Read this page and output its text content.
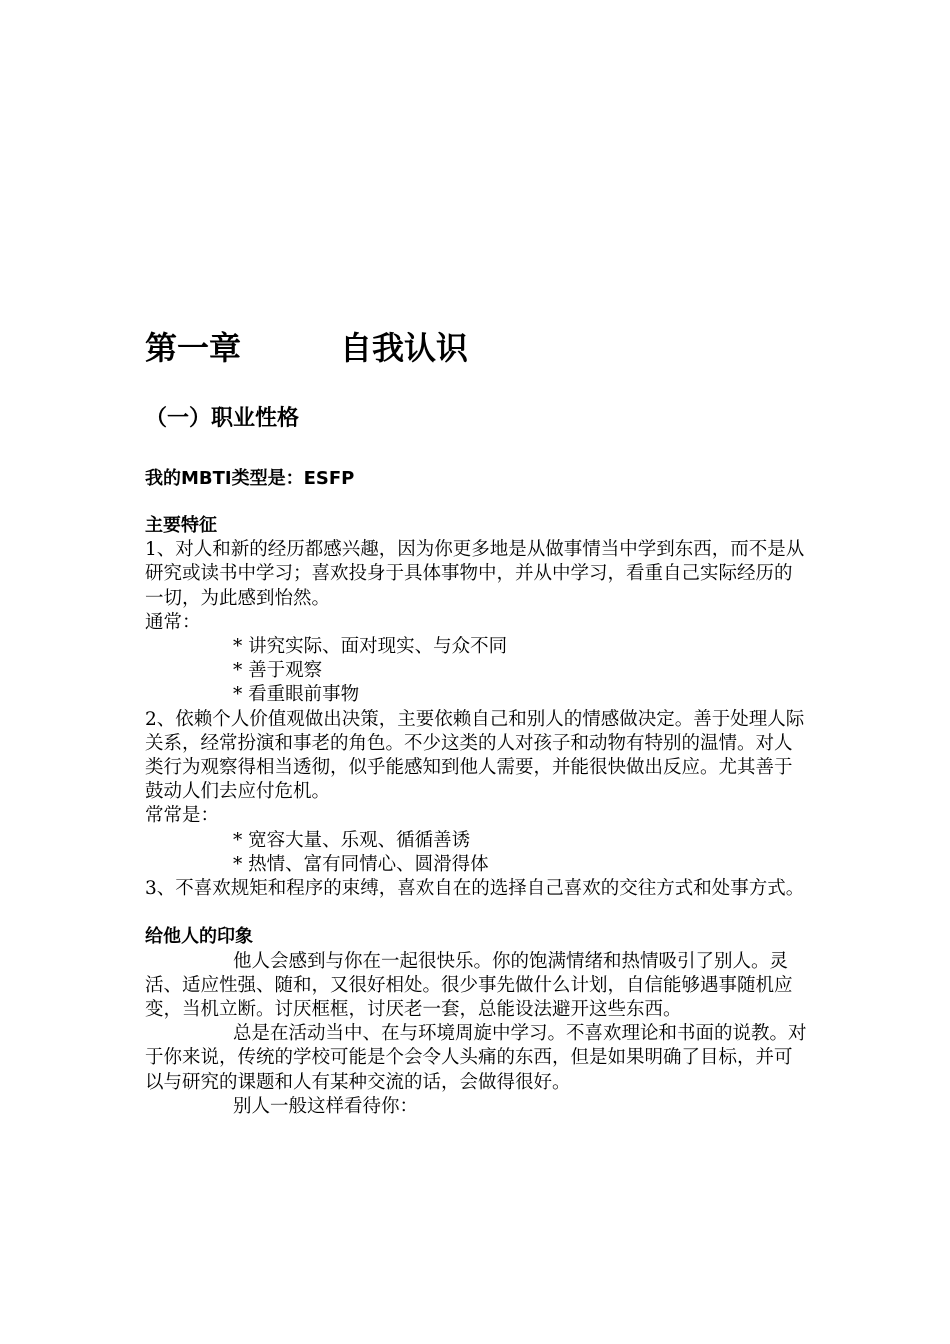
第一章	自我认识
（一）职业性格

我的MBTI类型是：ESFP

主要特征

1、对人和新的经历都感兴趣，因为你更多地是从做事情当中学到东西，而不是从研究或读书中学习；喜欢投身于具体事物中，并从中学习，看重自己实际经历的一切，为此感到怡然。

通常：

* 讲究实际、面对现实、与众不同

* 善于观察

* 看重眼前事物

2、依赖个人价值观做出决策，主要依赖自己和别人的情感做决定。善于处理人际关系，经常扮演和事老的角色。不少这类的人对孩子和动物有特别的温情。对人类行为观察得相当透彻，似乎能感知到他人需要，并能很快做出反应。尤其善于鼓动人们去应付危机。

常常是：

* 宽容大量、乐观、循循善诱

* 热情、富有同情心、圆滑得体

3、不喜欢规矩和程序的束缚，喜欢自在的选择自己喜欢的交往方式和处事方式。

给他人的印象

他人会感到与你在一起很快乐。你的饱满情绪和热情吸引了别人。灵活、适应性强、随和，又很好相处。很少事先做什么计划，自信能够遇事随机应变，当机立断。讨厌框框，讨厌老一套，总能设法避开这些东西。

总是在活动当中、在与环境周旋中学习。不喜欢理论和书面的说教。对于你来说，传统的学校可能是个会令人头痛的东西，但是如果明确了目标，并可以与研究的课题和人有某种交流的话，会做得很好。

别人一般这样看待你：
